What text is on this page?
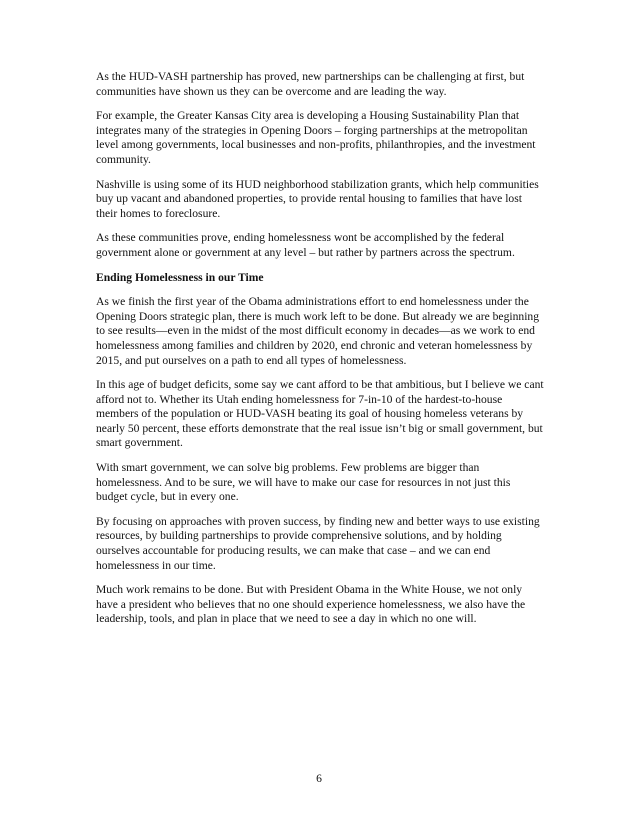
As the HUD-VASH partnership has proved, new partnerships can be challenging at first, but communities have shown us they can be overcome and are leading the way.

For example, the Greater Kansas City area is developing a Housing Sustainability Plan that integrates many of the strategies in Opening Doors – forging partnerships at the metropolitan level among governments, local businesses and non-profits, philanthropies, and the investment community.

Nashville is using some of its HUD neighborhood stabilization grants, which help communities buy up vacant and abandoned properties, to provide rental housing to families that have lost their homes to foreclosure.

As these communities prove, ending homelessness wont be accomplished by the federal government alone or government at any level – but rather by partners across the spectrum.

Ending Homelessness in our Time

As we finish the first year of the Obama administrations effort to end homelessness under the Opening Doors strategic plan, there is much work left to be done. But already we are beginning to see results—even in the midst of the most difficult economy in decades—as we work to end homelessness among families and children by 2020, end chronic and veteran homelessness by 2015, and put ourselves on a path to end all types of homelessness.

In this age of budget deficits, some say we cant afford to be that ambitious, but I believe we cant afford not to. Whether its Utah ending homelessness for 7-in-10 of the hardest-to-house members of the population or HUD-VASH beating its goal of housing homeless veterans by nearly 50 percent, these efforts demonstrate that the real issue isn’t big or small government, but smart government.

With smart government, we can solve big problems. Few problems are bigger than homelessness. And to be sure, we will have to make our case for resources in not just this budget cycle, but in every one.

By focusing on approaches with proven success, by finding new and better ways to use existing resources, by building partnerships to provide comprehensive solutions, and by holding ourselves accountable for producing results, we can make that case – and we can end homelessness in our time.

Much work remains to be done. But with President Obama in the White House, we not only have a president who believes that no one should experience homelessness, we also have the leadership, tools, and plan in place that we need to see a day in which no one will.

6
